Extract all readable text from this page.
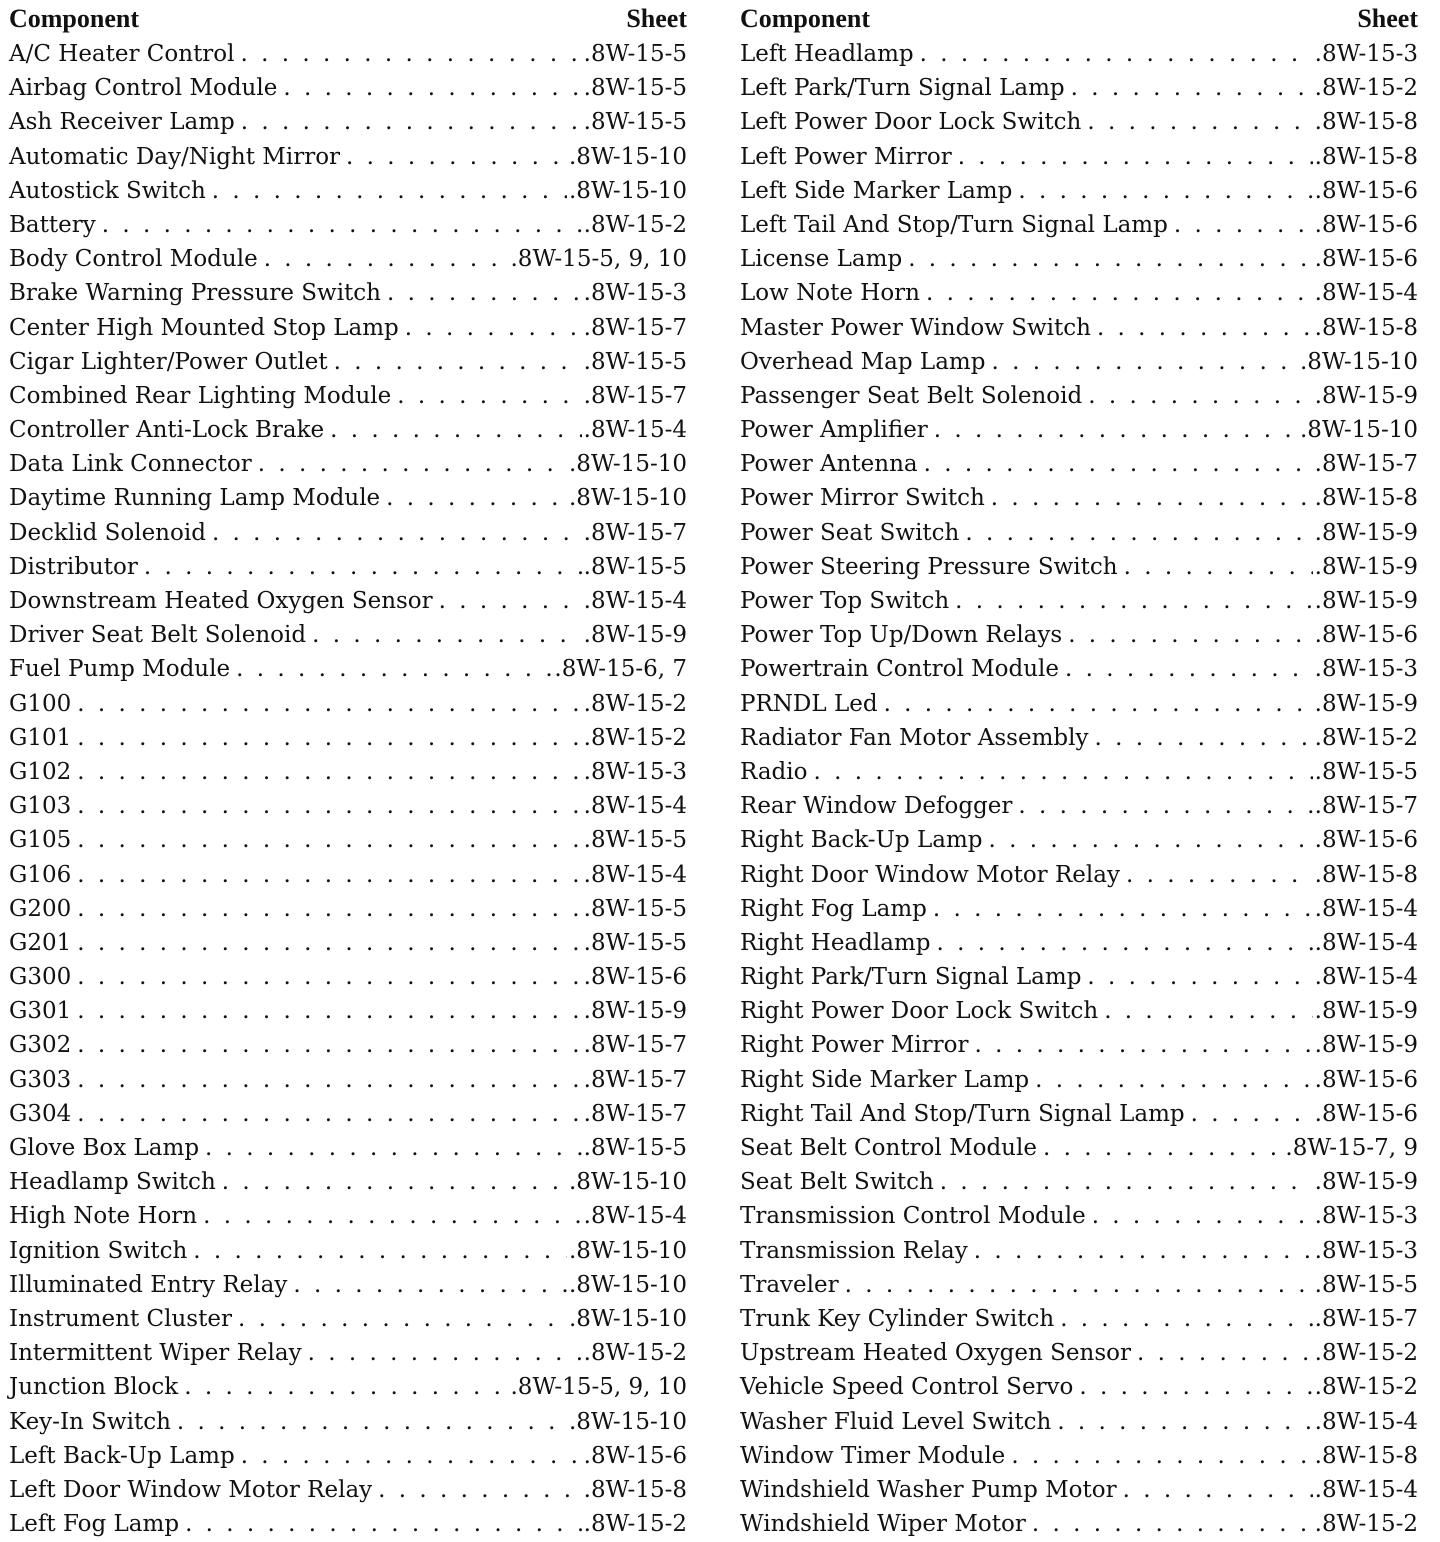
Component	Sheet
A/C Heater Control . . .	.8W-15-5
Airbag Control Module . . .	.8W-15-5
Ash Receiver Lamp . . .	.8W-15-5
Automatic Day/Night Mirror . . .	.8W-15-10
Autostick Switch . . .	.8W-15-10
Battery . . .	.8W-15-2
Body Control Module . . .	.8W-15-5, 9, 10
Brake Warning Pressure Switch . . .	.8W-15-3
Center High Mounted Stop Lamp . . .	.8W-15-7
Cigar Lighter/Power Outlet . . .	.8W-15-5
Combined Rear Lighting Module . . .	.8W-15-7
Controller Anti-Lock Brake . . .	.8W-15-4
Data Link Connector . . .	.8W-15-10
Daytime Running Lamp Module . . .	.8W-15-10
Decklid Solenoid . . .	.8W-15-7
Distributor . . .	.8W-15-5
Downstream Heated Oxygen Sensor . . .	.8W-15-4
Driver Seat Belt Solenoid . . .	.8W-15-9
Fuel Pump Module . . .	.8W-15-6, 7
G100 . . .	.8W-15-2
G101 . . .	.8W-15-2
G102 . . .	.8W-15-3
G103 . . .	.8W-15-4
G105 . . .	.8W-15-5
G106 . . .	.8W-15-4
G200 . . .	.8W-15-5
G201 . . .	.8W-15-5
G300 . . .	.8W-15-6
G301 . . .	.8W-15-9
G302 . . .	.8W-15-7
G303 . . .	.8W-15-7
G304 . . .	.8W-15-7
Glove Box Lamp . . .	.8W-15-5
Headlamp Switch . . .	.8W-15-10
High Note Horn . . .	.8W-15-4
Ignition Switch . . .	.8W-15-10
Illuminated Entry Relay . . .	.8W-15-10
Instrument Cluster . . .	.8W-15-10
Intermittent Wiper Relay . . .	.8W-15-2
Junction Block . . .	.8W-15-5, 9, 10
Key-In Switch . . .	.8W-15-10
Left Back-Up Lamp . . .	.8W-15-6
Left Door Window Motor Relay . . .	.8W-15-8
Left Fog Lamp . . .	.8W-15-2
Component	Sheet
Left Headlamp . . .	.8W-15-3
Left Park/Turn Signal Lamp . . .	.8W-15-2
Left Power Door Lock Switch . . .	.8W-15-8
Left Power Mirror . . .	.8W-15-8
Left Side Marker Lamp . . .	.8W-15-6
Left Tail And Stop/Turn Signal Lamp . . .	.8W-15-6
License Lamp . . .	.8W-15-6
Low Note Horn . . .	.8W-15-4
Master Power Window Switch . . .	.8W-15-8
Overhead Map Lamp . . .	.8W-15-10
Passenger Seat Belt Solenoid . . .	.8W-15-9
Power Amplifier . . .	.8W-15-10
Power Antenna . . .	.8W-15-7
Power Mirror Switch . . .	.8W-15-8
Power Seat Switch . . .	.8W-15-9
Power Steering Pressure Switch . . .	.8W-15-9
Power Top Switch . . .	.8W-15-9
Power Top Up/Down Relays . . .	.8W-15-6
Powertrain Control Module . . .	.8W-15-3
PRNDL Led . . .	.8W-15-9
Radiator Fan Motor Assembly . . .	.8W-15-2
Radio . . .	.8W-15-5
Rear Window Defogger . . .	.8W-15-7
Right Back-Up Lamp . . .	.8W-15-6
Right Door Window Motor Relay . . .	.8W-15-8
Right Fog Lamp . . .	.8W-15-4
Right Headlamp . . .	.8W-15-4
Right Park/Turn Signal Lamp . . .	.8W-15-4
Right Power Door Lock Switch . . .	.8W-15-9
Right Power Mirror . . .	.8W-15-9
Right Side Marker Lamp . . .	.8W-15-6
Right Tail And Stop/Turn Signal Lamp . . .	.8W-15-6
Seat Belt Control Module . . .	.8W-15-7, 9
Seat Belt Switch . . .	.8W-15-9
Transmission Control Module . . .	.8W-15-3
Transmission Relay . . .	.8W-15-3
Traveler . . .	.8W-15-5
Trunk Key Cylinder Switch . . .	.8W-15-7
Upstream Heated Oxygen Sensor . . .	.8W-15-2
Vehicle Speed Control Servo . . .	.8W-15-2
Washer Fluid Level Switch . . .	.8W-15-4
Window Timer Module . . .	.8W-15-8
Windshield Washer Pump Motor . . .	.8W-15-4
Windshield Wiper Motor . . .	.8W-15-2
